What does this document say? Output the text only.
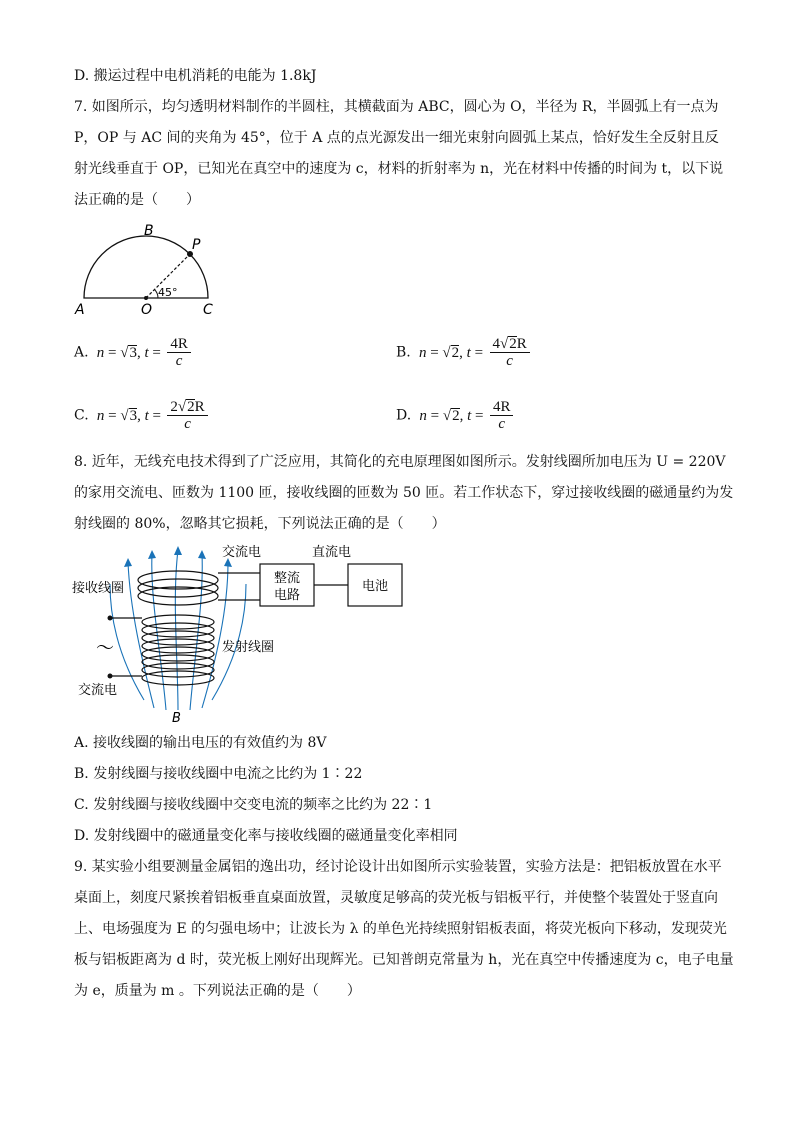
D. 搬运过程中电机消耗的电能为 1.8kJ
7. 如图所示，均匀透明材料制作的半圆柱，其横截面为 ABC，圆心为 O，半径为 R，半圆弧上有一点为
P，OP 与 AC 间的夹角为 45°，位于 A 点的点光源发出一细光束射向圆弧上某点，恰好发生全反射且反
射光线垂直于 OP，已知光在真空中的速度为 c，材料的折射率为 n，光在材料中传播的时间为 t，以下说
法正确的是（　　）
B
P
A	O	C
45°
A. n = √3, $t = \frac{4R}{c}$	B. n = √2, $t = \frac{4√2R}{c}$
C. n = √3, $t = \frac{2√2R}{c}$	D. n = √2, $t = \frac{4R}{c}$
8. 近年，无线充电技术得到了广泛应用，其简化的充电原理图如图所示。发射线圈所加电压为 U = 220V
的家用交流电、匝数为 1100 匝，接收线圈的匝数为 50 匝。若工作状态下，穿过接收线圈的磁通量约为发
射线圈的 80%，忽略其它损耗，下列说法正确的是（　　）
交流电	直流电
整流
电路
电池
接收线圈
～	发射线圈
交流电
B
A. 接收线圈的输出电压的有效值约为 8V
B. 发射线圈与接收线圈中电流之比约为 1∶22
C. 发射线圈与接收线圈中交变电流的频率之比约为 22∶1
D. 发射线圈中的磁通量变化率与接收线圈的磁通量变化率相同
9. 某实验小组要测量金属铝的逸出功，经讨论设计出如图所示实验装置，实验方法是：把铝板放置在水平
桌面上，刻度尺紧挨着铝板垂直桌面放置，灵敏度足够高的荧光板与铝板平行，并使整个装置处于竖直向
上、电场强度为 E 的匀强电场中；让波长为 λ 的单色光持续照射铝板表面，将荧光板向下移动，发现荧光
板与铝板距离为 d 时，荧光板上刚好出现辉光。已知普朗克常量为 h，光在真空中传播速度为 c，电子电量
为 e，质量为 m 。下列说法正确的是（　　）
